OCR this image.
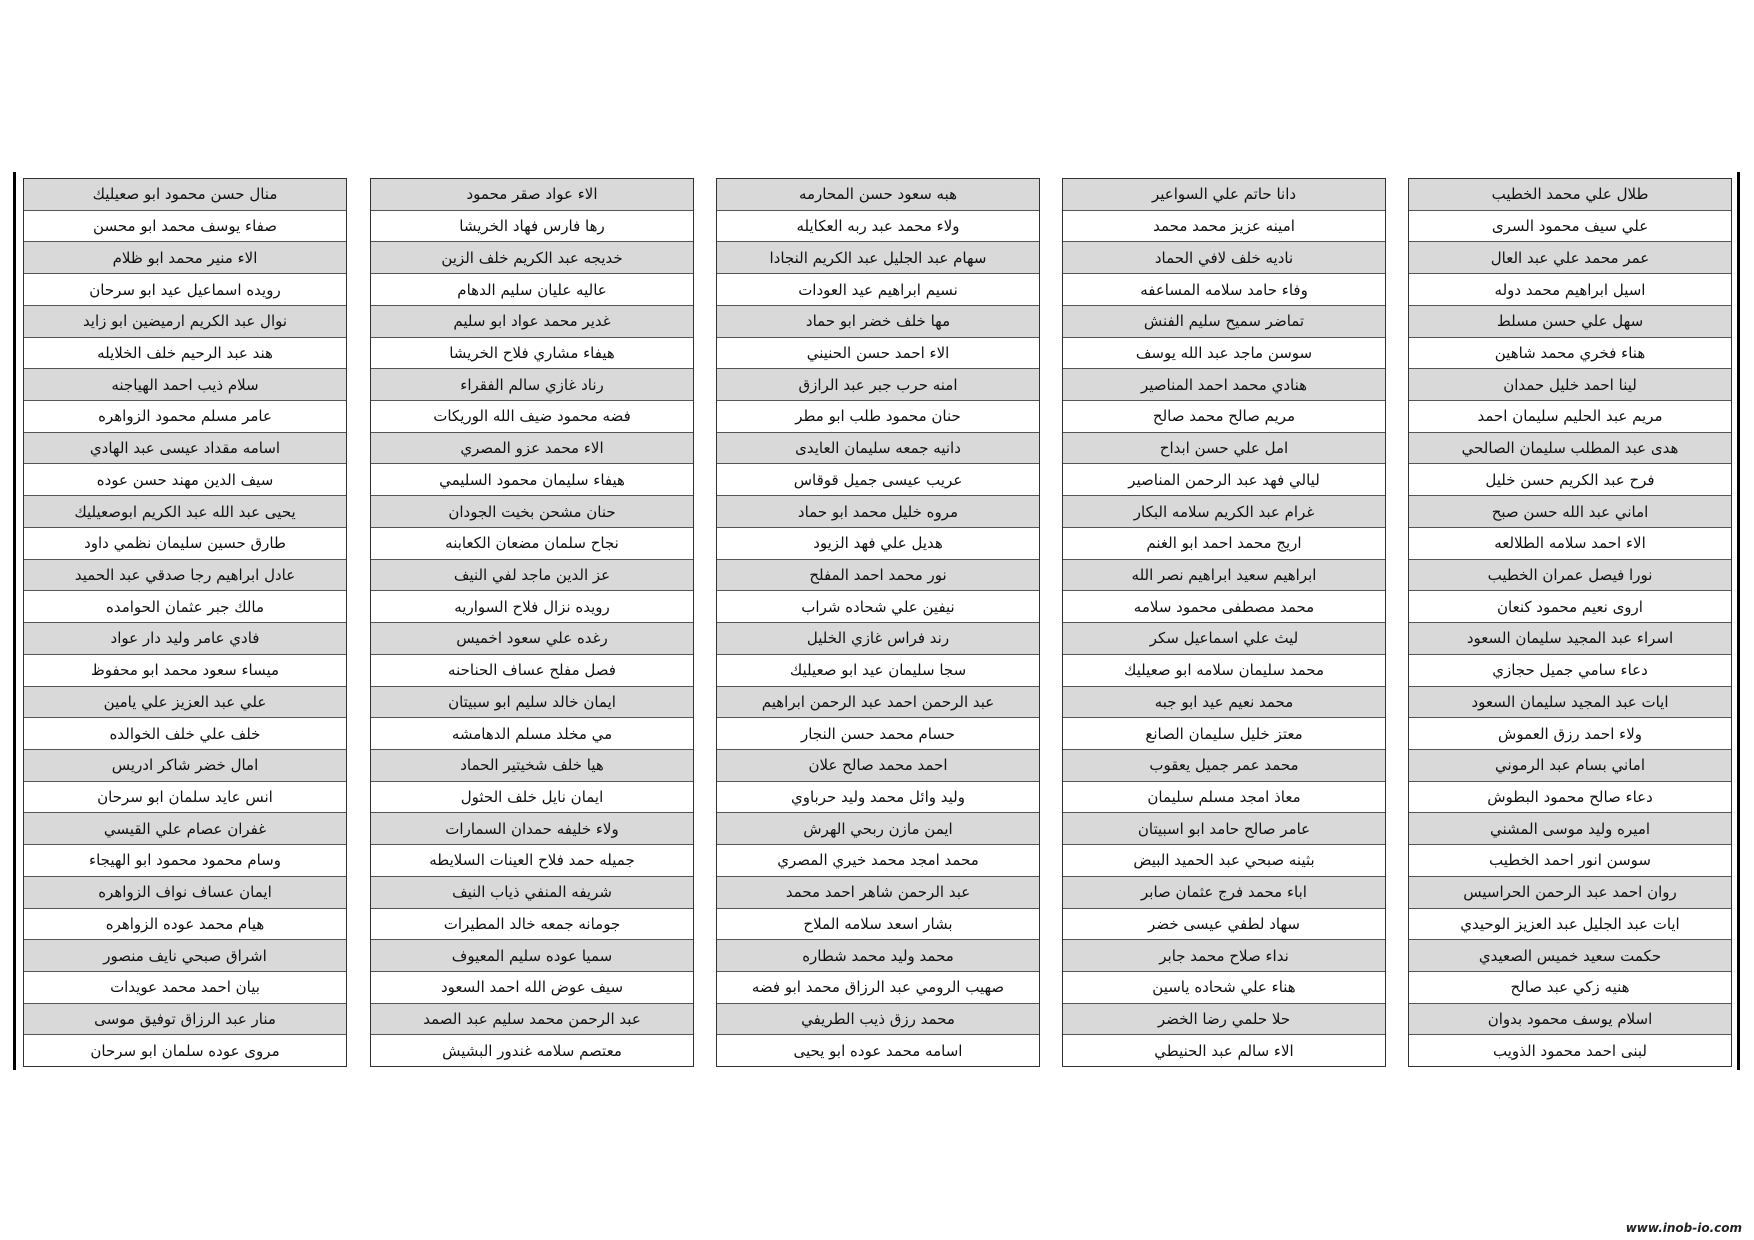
طلال علي محمد الخطيب
علي سيف محمود السرى
عمر محمد علي عبد العال
اسيل ابراهيم محمد دوله
سهل علي حسن مسلط
هناء فخري محمد شاهين
لينا احمد خليل حمدان
مريم عبد الحليم سليمان احمد
هدى عبد المطلب سليمان الصالحي
فرح عبد الكريم حسن خليل
اماني عبد الله حسن صبح
الاء احمد سلامه الطلالعه
نورا فيصل عمران الخطيب
اروى نعيم محمود كنعان
اسراء عبد المجيد سليمان السعود
دعاء سامي جميل حجازي
ايات عبد المجيد سليمان السعود
ولاء احمد رزق العموش
اماني بسام عبد الرموني
دعاء صالح محمود البطوش
اميره وليد موسى المشني
سوسن انور احمد الخطيب
روان احمد عبد الرحمن الحراسيس
ايات عبد الجليل عبد العزيز الوحيدي
حكمت سعيد خميس الصعيدي
هنيه زكي عبد صالح
اسلام يوسف محمود بدوان
لبنى احمد محمود الذويب
دانا حاتم علي السواعير
امينه عزيز محمد محمد
ناديه خلف لافي الحماد
وفاء حامد سلامه المساعفه
تماضر سميح سليم الفنش
سوسن ماجد عبد الله يوسف
هنادي محمد احمد المناصير
مريم صالح محمد صالح
امل علي حسن ابداح
ليالي فهد عبد الرحمن المناصير
غرام عبد الكريم سلامه البكار
اريج محمد احمد ابو الغنم
ابراهيم سعيد ابراهيم نصر الله
محمد مصطفى محمود سلامه
ليث علي اسماعيل سكر
محمد سليمان سلامه ابو صعيليك
محمد نعيم عيد ابو جبه
معتز خليل سليمان الصانع
محمد عمر جميل يعقوب
معاذ امجد مسلم سليمان
عامر صالح حامد ابو اسبيتان
بثينه صبحي عبد الحميد البيض
اباء محمد فرج عثمان صابر
سهاد لطفي عيسى خضر
نداء صلاح محمد جابر
هناء علي شحاده ياسين
حلا حلمي رضا الخضر
الاء سالم عبد الحنيطي
هبه سعود حسن المحارمه
ولاء محمد عبد ربه العكايله
سهام عبد الجليل عبد الكريم النجادا
نسيم ابراهيم عيد العودات
مها خلف خضر ابو حماد
الاء احمد حسن الحنيني
امنه حرب جبر عبد الرازق
حنان محمود طلب ابو مطر
دانيه جمعه سليمان العايدى
عريب عيسى جميل قوقاس
مروه خليل محمد ابو حماد
هديل علي فهد الزيود
نور محمد احمد المفلح
نيفين علي شحاده شراب
رند فراس غازي الخليل
سجا سليمان عيد ابو صعيليك
عبد الرحمن احمد عبد الرحمن ابراهيم
حسام محمد حسن النجار
احمد محمد صالح علان
وليد وائل محمد وليد حرباوي
ايمن مازن ربحي الهرش
محمد امجد محمد خيري المصري
عبد الرحمن شاهر احمد محمد
بشار اسعد سلامه الملاح
محمد وليد محمد شطاره
صهيب الرومي عبد الرزاق محمد ابو فضه
محمد رزق ذيب الطريفي
اسامه محمد عوده ابو يحيى
الاء عواد صقر محمود
رها فارس فهاد الخريشا
خديجه عبد الكريم خلف الزين
عاليه عليان سليم الدهام
غدير محمد عواد ابو سليم
هيفاء مشاري فلاح الخريشا
رناد غازي سالم الفقراء
فضه محمود ضيف الله الوريكات
الاء محمد عزو المصري
هيفاء سليمان محمود السليمي
حنان مشحن بخيت الجودان
نجاح سلمان مضعان الكعابنه
عز الدين ماجد لفي النيف
رويده نزال فلاح السواريه
رغده علي سعود اخميس
فصل مفلح عساف الحناحنه
ايمان خالد سليم ابو سبيتان
مي مخلد مسلم الدهامشه
هيا خلف شخيتير الحماد
ايمان نايل خلف الحثول
ولاء خليفه حمدان السمارات
جميله حمد فلاح العينات السلايطه
شريفه المنفي ذياب النيف
جومانه جمعه خالد المطيرات
سميا عوده سليم المعيوف
سيف عوض الله احمد السعود
عبد الرحمن محمد سليم عبد الصمد
معتصم سلامه غندور البشيش
منال حسن محمود ابو صعيليك
صفاء يوسف محمد ابو محسن
الاء منير محمد ابو ظلام
رويده اسماعيل عيد ابو سرحان
نوال عبد الكريم ارميضين ابو زايد
هند عبد الرحيم خلف الخلايله
سلام ذيب احمد الهياجنه
عامر مسلم محمود الزواهره
اسامه مقداد عيسى عبد الهادي
سيف الدين مهند حسن عوده
يحيى عبد الله عبد الكريم ابوصعيليك
طارق حسين سليمان نظمي داود
عادل ابراهيم رجا صدقي عبد الحميد
مالك جبر عثمان الحوامده
فادي عامر وليد دار عواد
ميساء سعود محمد ابو محفوظ
علي عبد العزيز علي يامين
خلف علي خلف الخوالده
امال خضر شاكر ادريس
انس عايد سلمان ابو سرحان
غفران عصام علي القيسي
وسام محمود محمود ابو الهيجاء
ايمان عساف نواف الزواهره
هيام محمد عوده الزواهره
اشراق صبحي نايف منصور
بيان احمد محمد عويدات
منار عبد الرزاق توفيق موسى
مروى عوده سلمان ابو سرحان
www.inob-io.com
